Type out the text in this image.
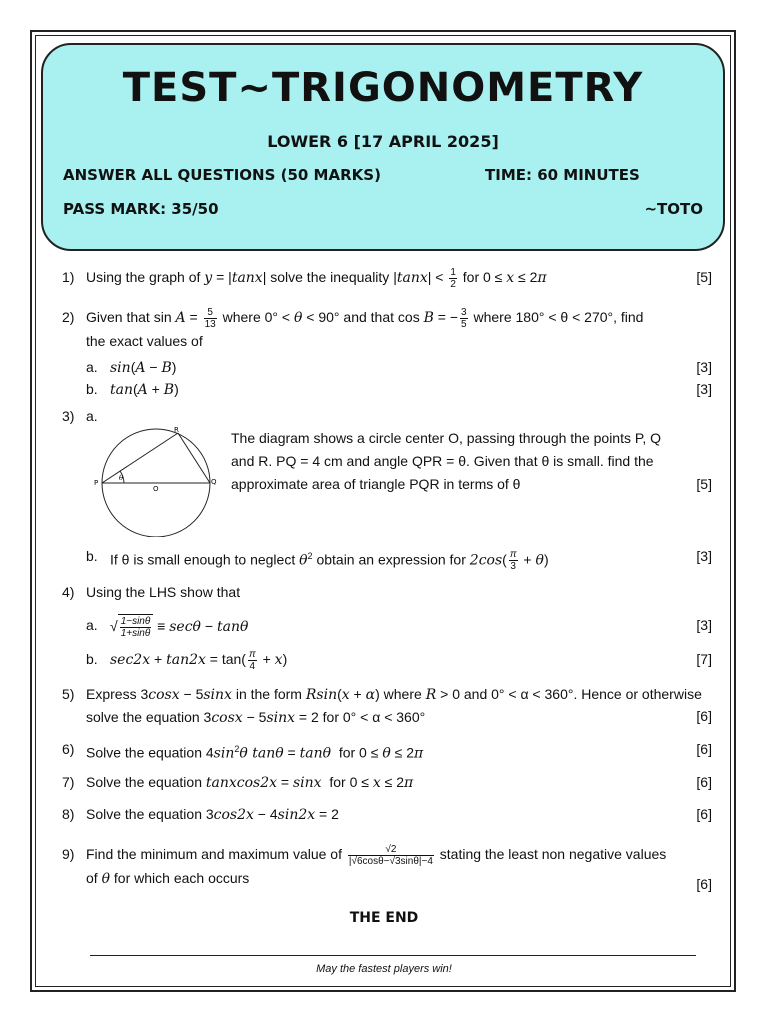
TEST~TRIGONOMETRY
LOWER 6 [17 APRIL 2025]
ANSWER ALL QUESTIONS (50 MARKS)	TIME: 60 MINUTES
PASS MARK: 35/50	~TOTO
1) Using the graph of y = |tanx| solve the inequality $|\tan x| < \frac{1}{2}$ for 0 ≤ x ≤ 2π	[5]
2) Given that $\sin A = \frac{5}{13}$ where 0° < θ < 90° and that cos B = − $\frac{3}{5}$ where 180° < θ < 270°, find
the exact values of
a. sin(A − B)	[3]
b. tan(A + B)	[3]
3) a.
P	Q
R
O
θ
The diagram shows a circle center O, passing through the points P, Q and R. PQ = 4 cm and angle QPR = θ. Given that θ is small. find the approximate area of triangle PQR in terms of θ	[5]
b. If θ is small enough to neglect $\theta^2$ obtain an expression for $2\cos( \frac{\pi}{3} + \theta)$	[3]
4) Using the LHS show that
a. √ $\frac{1-\sin\theta}{1+\sin\theta} \equiv \sec\theta - \tan\theta$	[3]
b. $\sec 2x + \tan 2x = \tan( \frac{\pi}{4} + x)$	[7]
5) Express 3cosx − 5sinx in the form Rsin(x + α) where R > 0 and 0° < α < 360°. Hence or otherwise solve the equation 3cosx − 5sinx = 2 for 0° < α < 360°	[6]
6) Solve the equation $4\sin^2\theta$ tanθ = tanθ  for 0 ≤ θ ≤ 2π	[6]
7) Solve the equation tanxcos2x = sinx  for 0 ≤ x ≤ 2π	[6]
8) Solve the equation 3cos2x − 4sin2x = 2	[6]
9) Find the minimum and maximum value of $\frac{√2}{|√6\cos\theta-√3\sin\theta|-4}$ stating the least non negative values
of θ for which each occurs	[6]
THE END
May the fastest players win!
